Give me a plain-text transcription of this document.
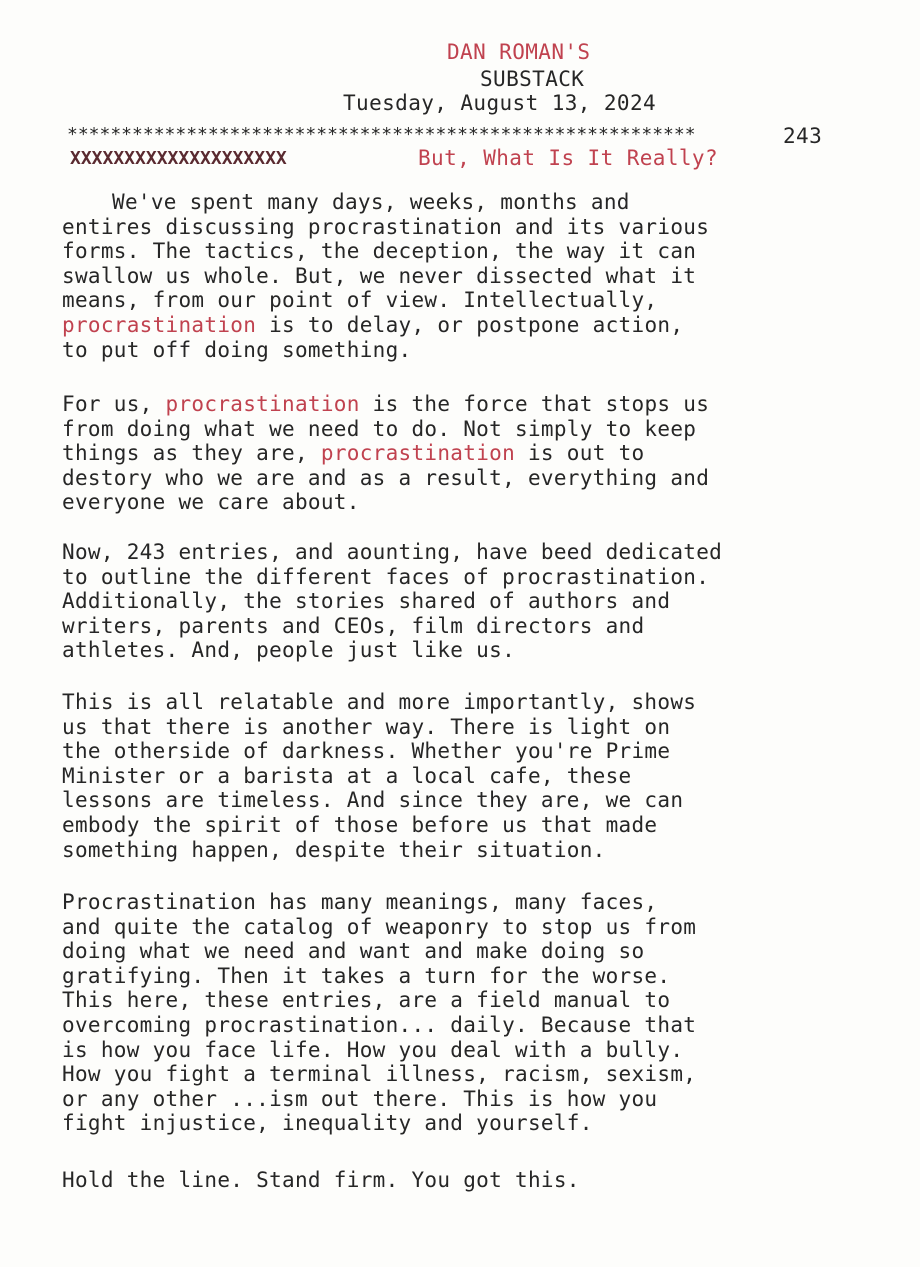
DAN ROMAN'S
SUBSTACK
Tuesday, August 13, 2024
**********************************************************	243
XXXXXXXXXXXXXXXXXXXX	But, What Is It Really?
We've spent many days, weeks, months and
entires discussing procrastination and its various
forms. The tactics, the deception, the way it can
swallow us whole. But, we never dissected what it
means, from our point of view. Intellectually,
procrastination is to delay, or postpone action,
to put off doing something.
For us, procrastination is the force that stops us
from doing what we need to do. Not simply to keep
things as they are, procrastination is out to
destory who we are and as a result, everything and
everyone we care about.
Now, 243 entries, and aounting, have beed dedicated
to outline the different faces of procrastination.
Additionally, the stories shared of authors and
writers, parents and CEOs, film directors and
athletes. And, people just like us.
This is all relatable and more importantly, shows
us that there is another way. There is light on
the otherside of darkness. Whether you're Prime
Minister or a barista at a local cafe, these
lessons are timeless. And since they are, we can
embody the spirit of those before us that made
something happen, despite their situation.
Procrastination has many meanings, many faces,
and quite the catalog of weaponry to stop us from
doing what we need and want and make doing so
gratifying. Then it takes a turn for the worse.
This here, these entries, are a field manual to
overcoming procrastination... daily. Because that
is how you face life. How you deal with a bully.
How you fight a terminal illness, racism, sexism,
or any other ...ism out there. This is how you
fight injustice, inequality and yourself.
Hold the line. Stand firm. You got this.
